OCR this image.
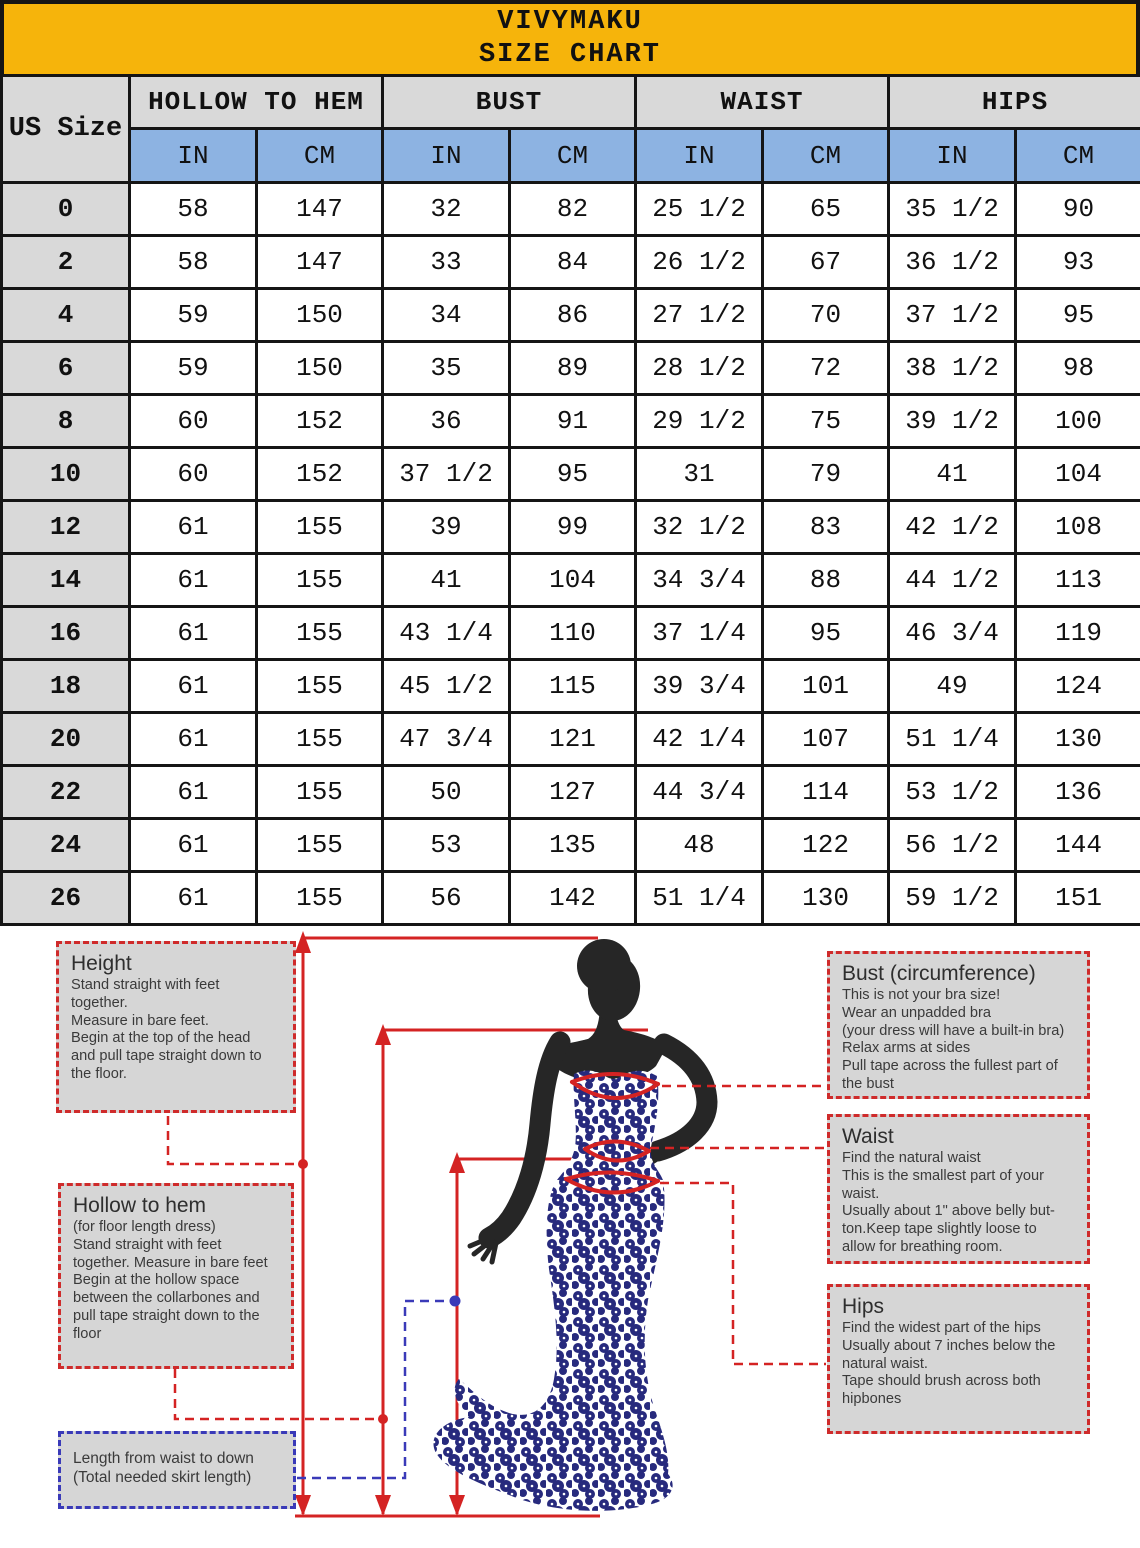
VIVYMAKU
SIZE CHART
US Size	HOLLOW TO HEM		BUST		WAIST		HIPS	
	IN	CM	IN	CM	IN	CM	IN	CM
0	58	147	32	82	25 1/2	65	35 1/2	90
2	58	147	33	84	26 1/2	67	36 1/2	93
4	59	150	34	86	27 1/2	70	37 1/2	95
6	59	150	35	89	28 1/2	72	38 1/2	98
8	60	152	36	91	29 1/2	75	39 1/2	100
10	60	152	37 1/2	95	31	79	41	104
12	61	155	39	99	32 1/2	83	42 1/2	108
14	61	155	41	104	34 3/4	88	44 1/2	113
16	61	155	43 1/4	110	37 1/4	95	46 3/4	119
18	61	155	45 1/2	115	39 3/4	101	49	124
20	61	155	47 3/4	121	42 1/4	107	51 1/4	130
22	61	155	50	127	44 3/4	114	53 1/2	136
24	61	155	53	135	48	122	56 1/2	144
26	61	155	56	142	51 1/4	130	59 1/2	151
Height
Stand straight with feet
together.
Measure in bare feet.
Begin at the top of the head
and pull tape straight down to
the floor.
Hollow to hem
(for floor length dress)
Stand straight with feet
together. Measure in bare feet
Begin at the hollow space
between the collarbones and
pull tape straight down to the
floor
Length from waist to down
(Total needed skirt length)
Bust (circumference)
This is not your bra size!
Wear an unpadded bra
(your dress will have a built-in bra)
Relax arms at sides
Pull tape across the fullest part of
the bust
Waist
Find the natural waist
This is the smallest part of your
waist.
Usually about 1" above belly but-
ton.Keep tape slightly loose to
allow for breathing room.
Hips
Find the widest part of the hips
Usually about 7 inches below the
natural waist.
Tape should brush across both
hipbones
